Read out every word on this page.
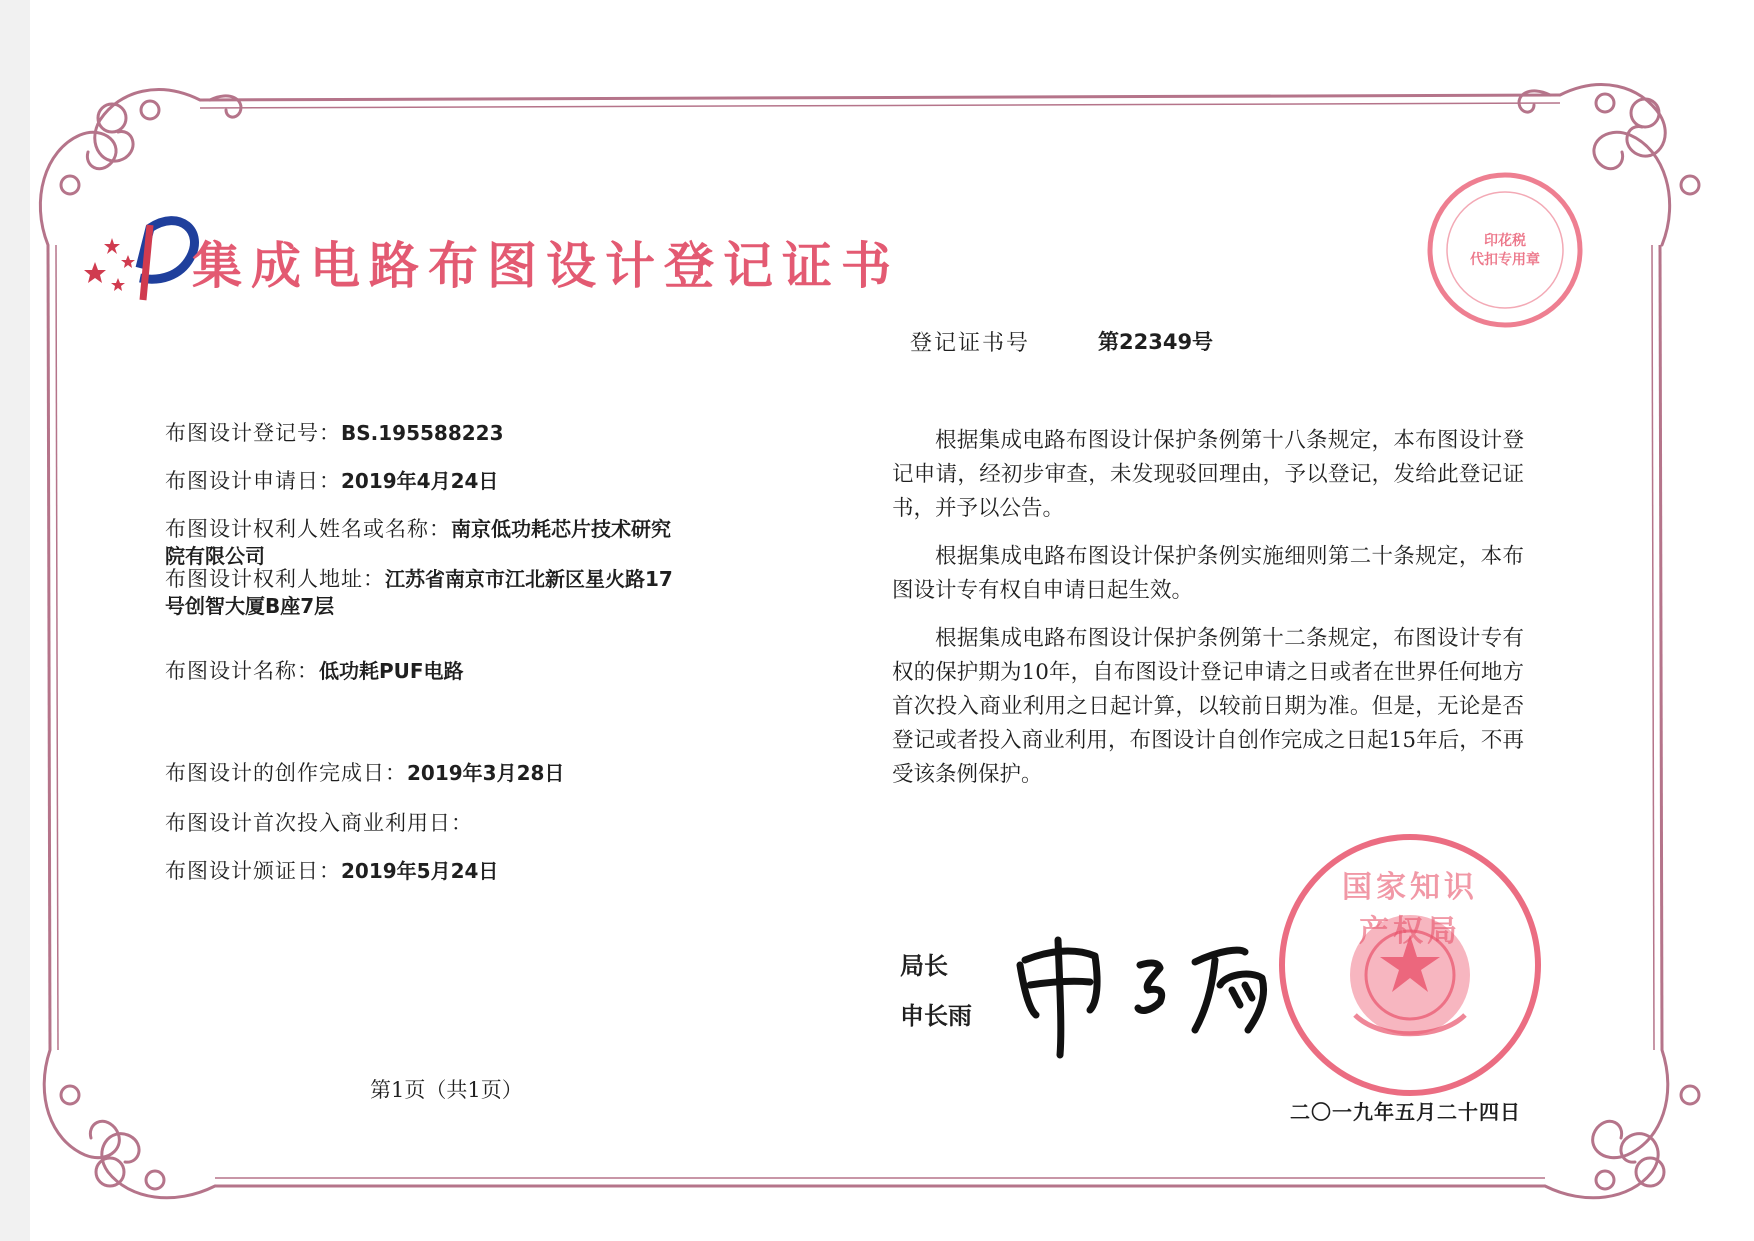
集成电路布图设计登记证书	印花税
代扣专用章
登记证书号	第22349号
布图设计登记号：BS.195588223
布图设计申请日：2019年4月24日
布图设计权利人姓名或名称：南京低功耗芯片技术研究院有限公司
布图设计权利人地址：江苏省南京市江北新区星火路17号创智大厦B座7层
布图设计名称：低功耗PUF电路
布图设计的创作完成日：2019年3月28日
布图设计首次投入商业利用日：
布图设计颁证日：2019年5月24日

根据集成电路布图设计保护条例第十八条规定，本布图设计登记申请，经初步审查，未发现驳回理由，予以登记，发给此登记证书，并予以公告。

根据集成电路布图设计保护条例实施细则第二十条规定，本布图设计专有权自申请日起生效。

根据集成电路布图设计保护条例第十二条规定，布图设计专有权的保护期为10年，自布图设计登记申请之日或者在世界任何地方首次投入商业利用之日起计算，以较前日期为准。但是，无论是否登记或者投入商业利用，布图设计自创作完成之日起15年后，不再受该条例保护。

局长
申长雨
国家知识产权局
第1页（共1页）
二〇一九年五月二十四日
